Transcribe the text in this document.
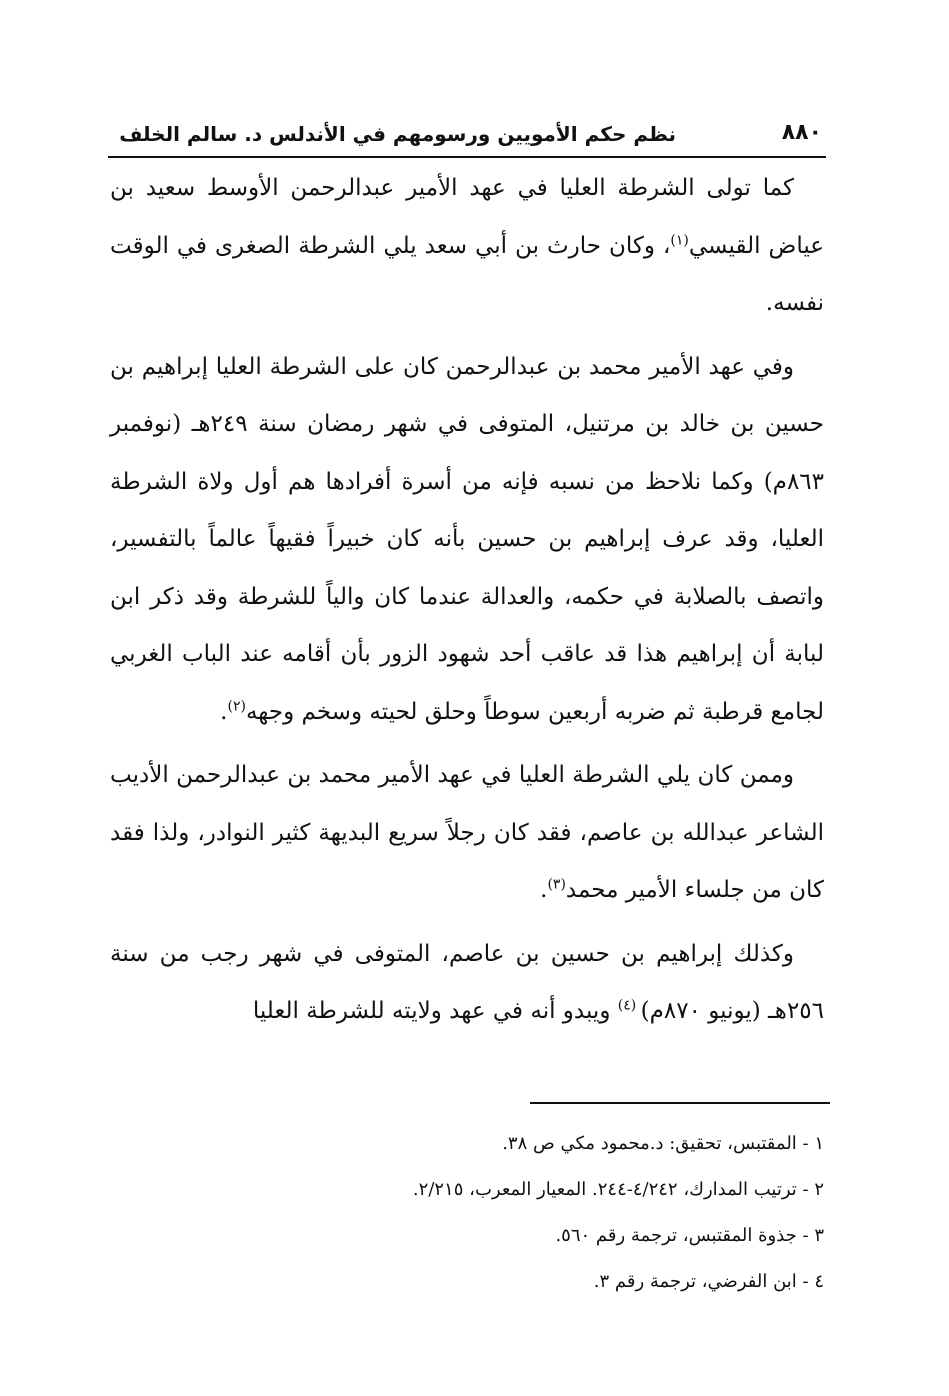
٨٨٠
نظم حكم الأمويين ورسومهم في الأندلس د. سالم الخلف

كما تولى الشرطة العليا في عهد الأمير عبدالرحمن الأوسط سعيد بن عياض القيسي$^{(١)}$، وكان حارث بن أبي سعد يلي الشرطة الصغرى في الوقت نفسه.

وفي عهد الأمير محمد بن عبدالرحمن كان على الشرطة العليا إبراهيم بن حسين بن خالد بن مرتنيل، المتوفى في شهر رمضان سنة ٢٤٩هـ (نوفمبر ٨٦٣م) وكما نلاحظ من نسبه فإنه من أسرة أفرادها هم أول ولاة الشرطة العليا، وقد عرف إبراهيم بن حسين بأنه كان خبيراً فقيهاً عالماً بالتفسير، واتصف بالصلابة في حكمه، والعدالة عندما كان والياً للشرطة وقد ذكر ابن لبابة أن إبراهيم هذا قد عاقب أحد شهود الزور بأن أقامه عند الباب الغربي لجامع قرطبة ثم ضربه أربعين سوطاً وحلق لحيته وسخم وجهه$^{(٢)}$.

وممن كان يلي الشرطة العليا في عهد الأمير محمد بن عبدالرحمن الأديب الشاعر عبدالله بن عاصم، فقد كان رجلاً سريع البديهة كثير النوادر، ولذا فقد كان من جلساء الأمير محمد$^{(٣)}$.

وكذلك إبراهيم بن حسين بن عاصم، المتوفى في شهر رجب من سنة ٢٥٦هـ (يونيو ٨٧٠م) $^{(٤)}$ ويبدو أنه في عهد ولايته للشرطة العليا

١ - المقتبس، تحقيق: د.محمود مكي ص ٣٨.
٢ - ترتيب المدارك، ٤/٢٤٢-٢٤٤. المعيار المعرب، ٢/٢١٥.
٣ - جذوة المقتبس، ترجمة رقم ٥٦٠.
٤ - ابن الفرضي، ترجمة رقم ٣.
